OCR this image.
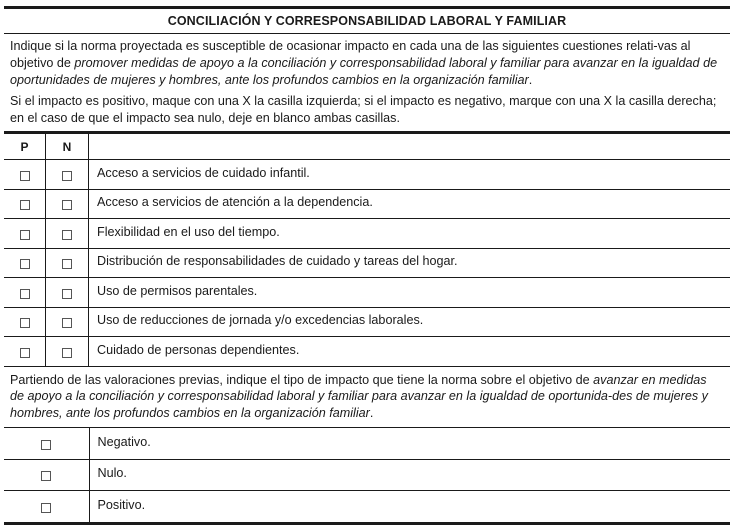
CONCILIACIÓN Y CORRESPONSABILIDAD LABORAL Y FAMILIAR
Indique si la norma proyectada es susceptible de ocasionar impacto en cada una de las siguientes cuestiones relati-vas al objetivo de promover medidas de apoyo a la conciliación y corresponsabilidad laboral y familiar para avanzar en la igualdad de oportunidades de mujeres y hombres, ante los profundos cambios en la organización familiar.
Si el impacto es positivo, maque con una X la casilla izquierda; si el impacto es negativo, marque con una X la casilla derecha; en el caso de que el impacto sea nulo, deje en blanco ambas casillas.
P	N
Acceso a servicios de cuidado infantil.
Acceso a servicios de atención a la dependencia.
Flexibilidad en el uso del tiempo.
Distribución de responsabilidades de cuidado y tareas del hogar.
Uso de permisos parentales.
Uso de reducciones de jornada y/o excedencias laborales.
Cuidado de personas dependientes.
Partiendo de las valoraciones previas, indique el tipo de impacto que tiene la norma sobre el objetivo de avanzar en medidas de apoyo a la conciliación y corresponsabilidad laboral y familiar para avanzar en la igualdad de oportunida-des de mujeres y hombres, ante los profundos cambios en la organización familiar.
Negativo.
Nulo.
Positivo.
